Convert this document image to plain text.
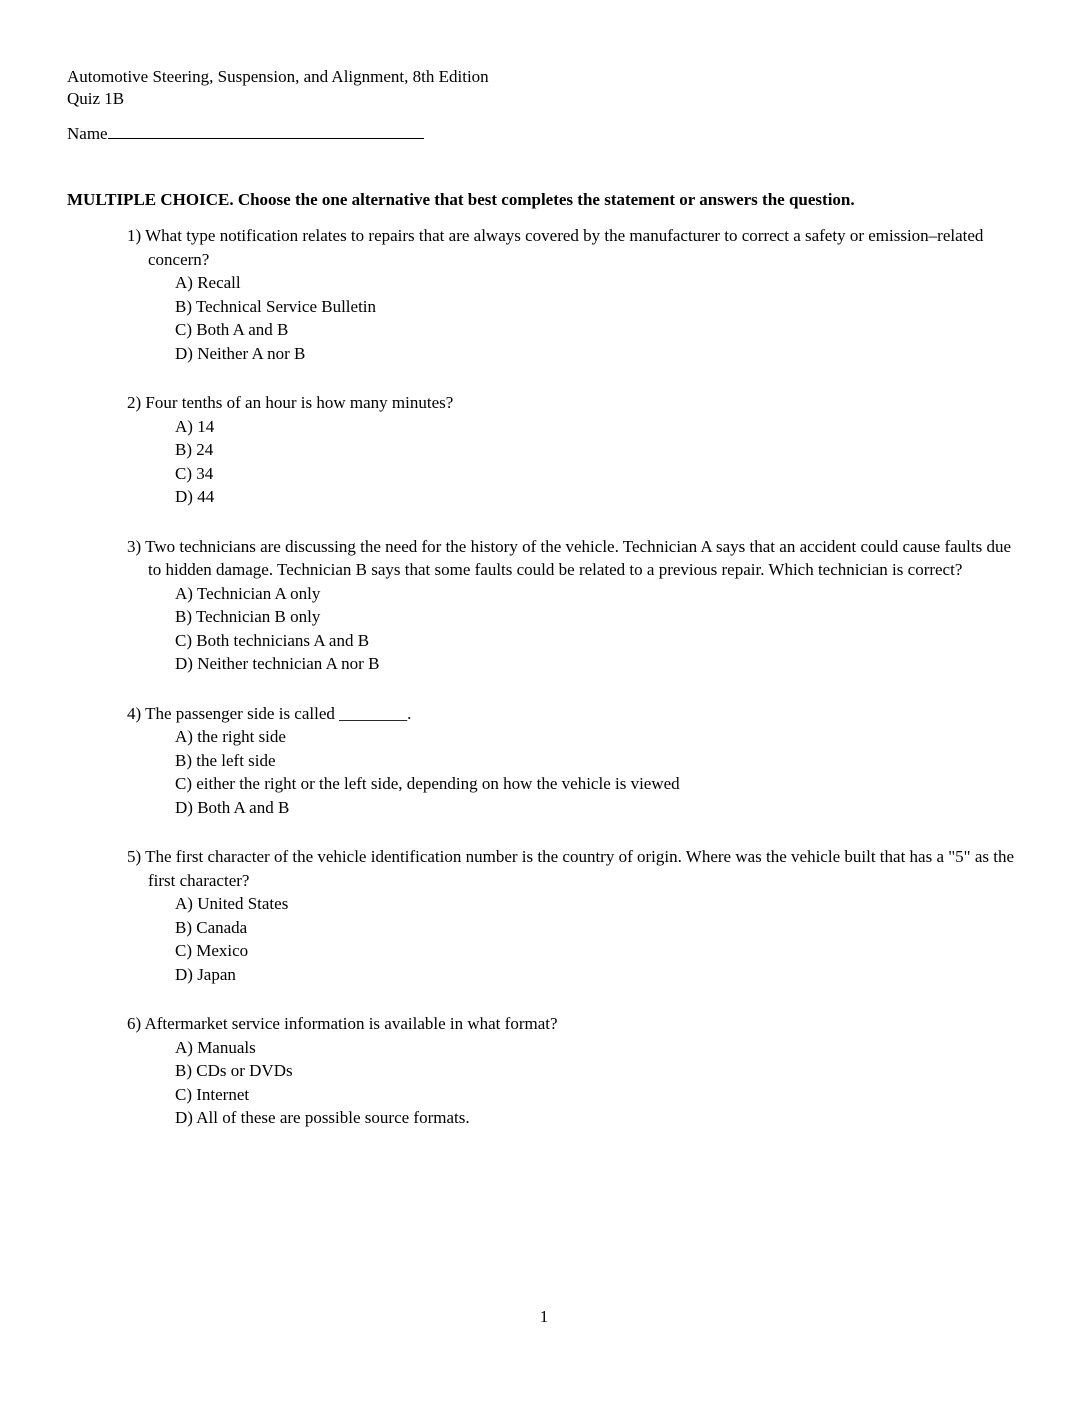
Automotive Steering, Suspension, and Alignment, 8th Edition
Quiz 1B
Name
MULTIPLE CHOICE. Choose the one alternative that best completes the statement or answers the question.
1) What type notification relates to repairs that are always covered by the manufacturer to correct a safety or emission–related concern?
A) Recall
B) Technical Service Bulletin
C) Both A and B
D) Neither A nor B
2) Four tenths of an hour is how many minutes?
A) 14
B) 24
C) 34
D) 44
3) Two technicians are discussing the need for the history of the vehicle. Technician A says that an accident could cause faults due to hidden damage. Technician B says that some faults could be related to a previous repair. Which technician is correct?
A) Technician A only
B) Technician B only
C) Both technicians A and B
D) Neither technician A nor B
4) The passenger side is called ________.
A) the right side
B) the left side
C) either the right or the left side, depending on how the vehicle is viewed
D) Both A and B
5) The first character of the vehicle identification number is the country of origin. Where was the vehicle built that has a "5" as the first character?
A) United States
B) Canada
C) Mexico
D) Japan
6) Aftermarket service information is available in what format?
A) Manuals
B) CDs or DVDs
C) Internet
D) All of these are possible source formats.
1
